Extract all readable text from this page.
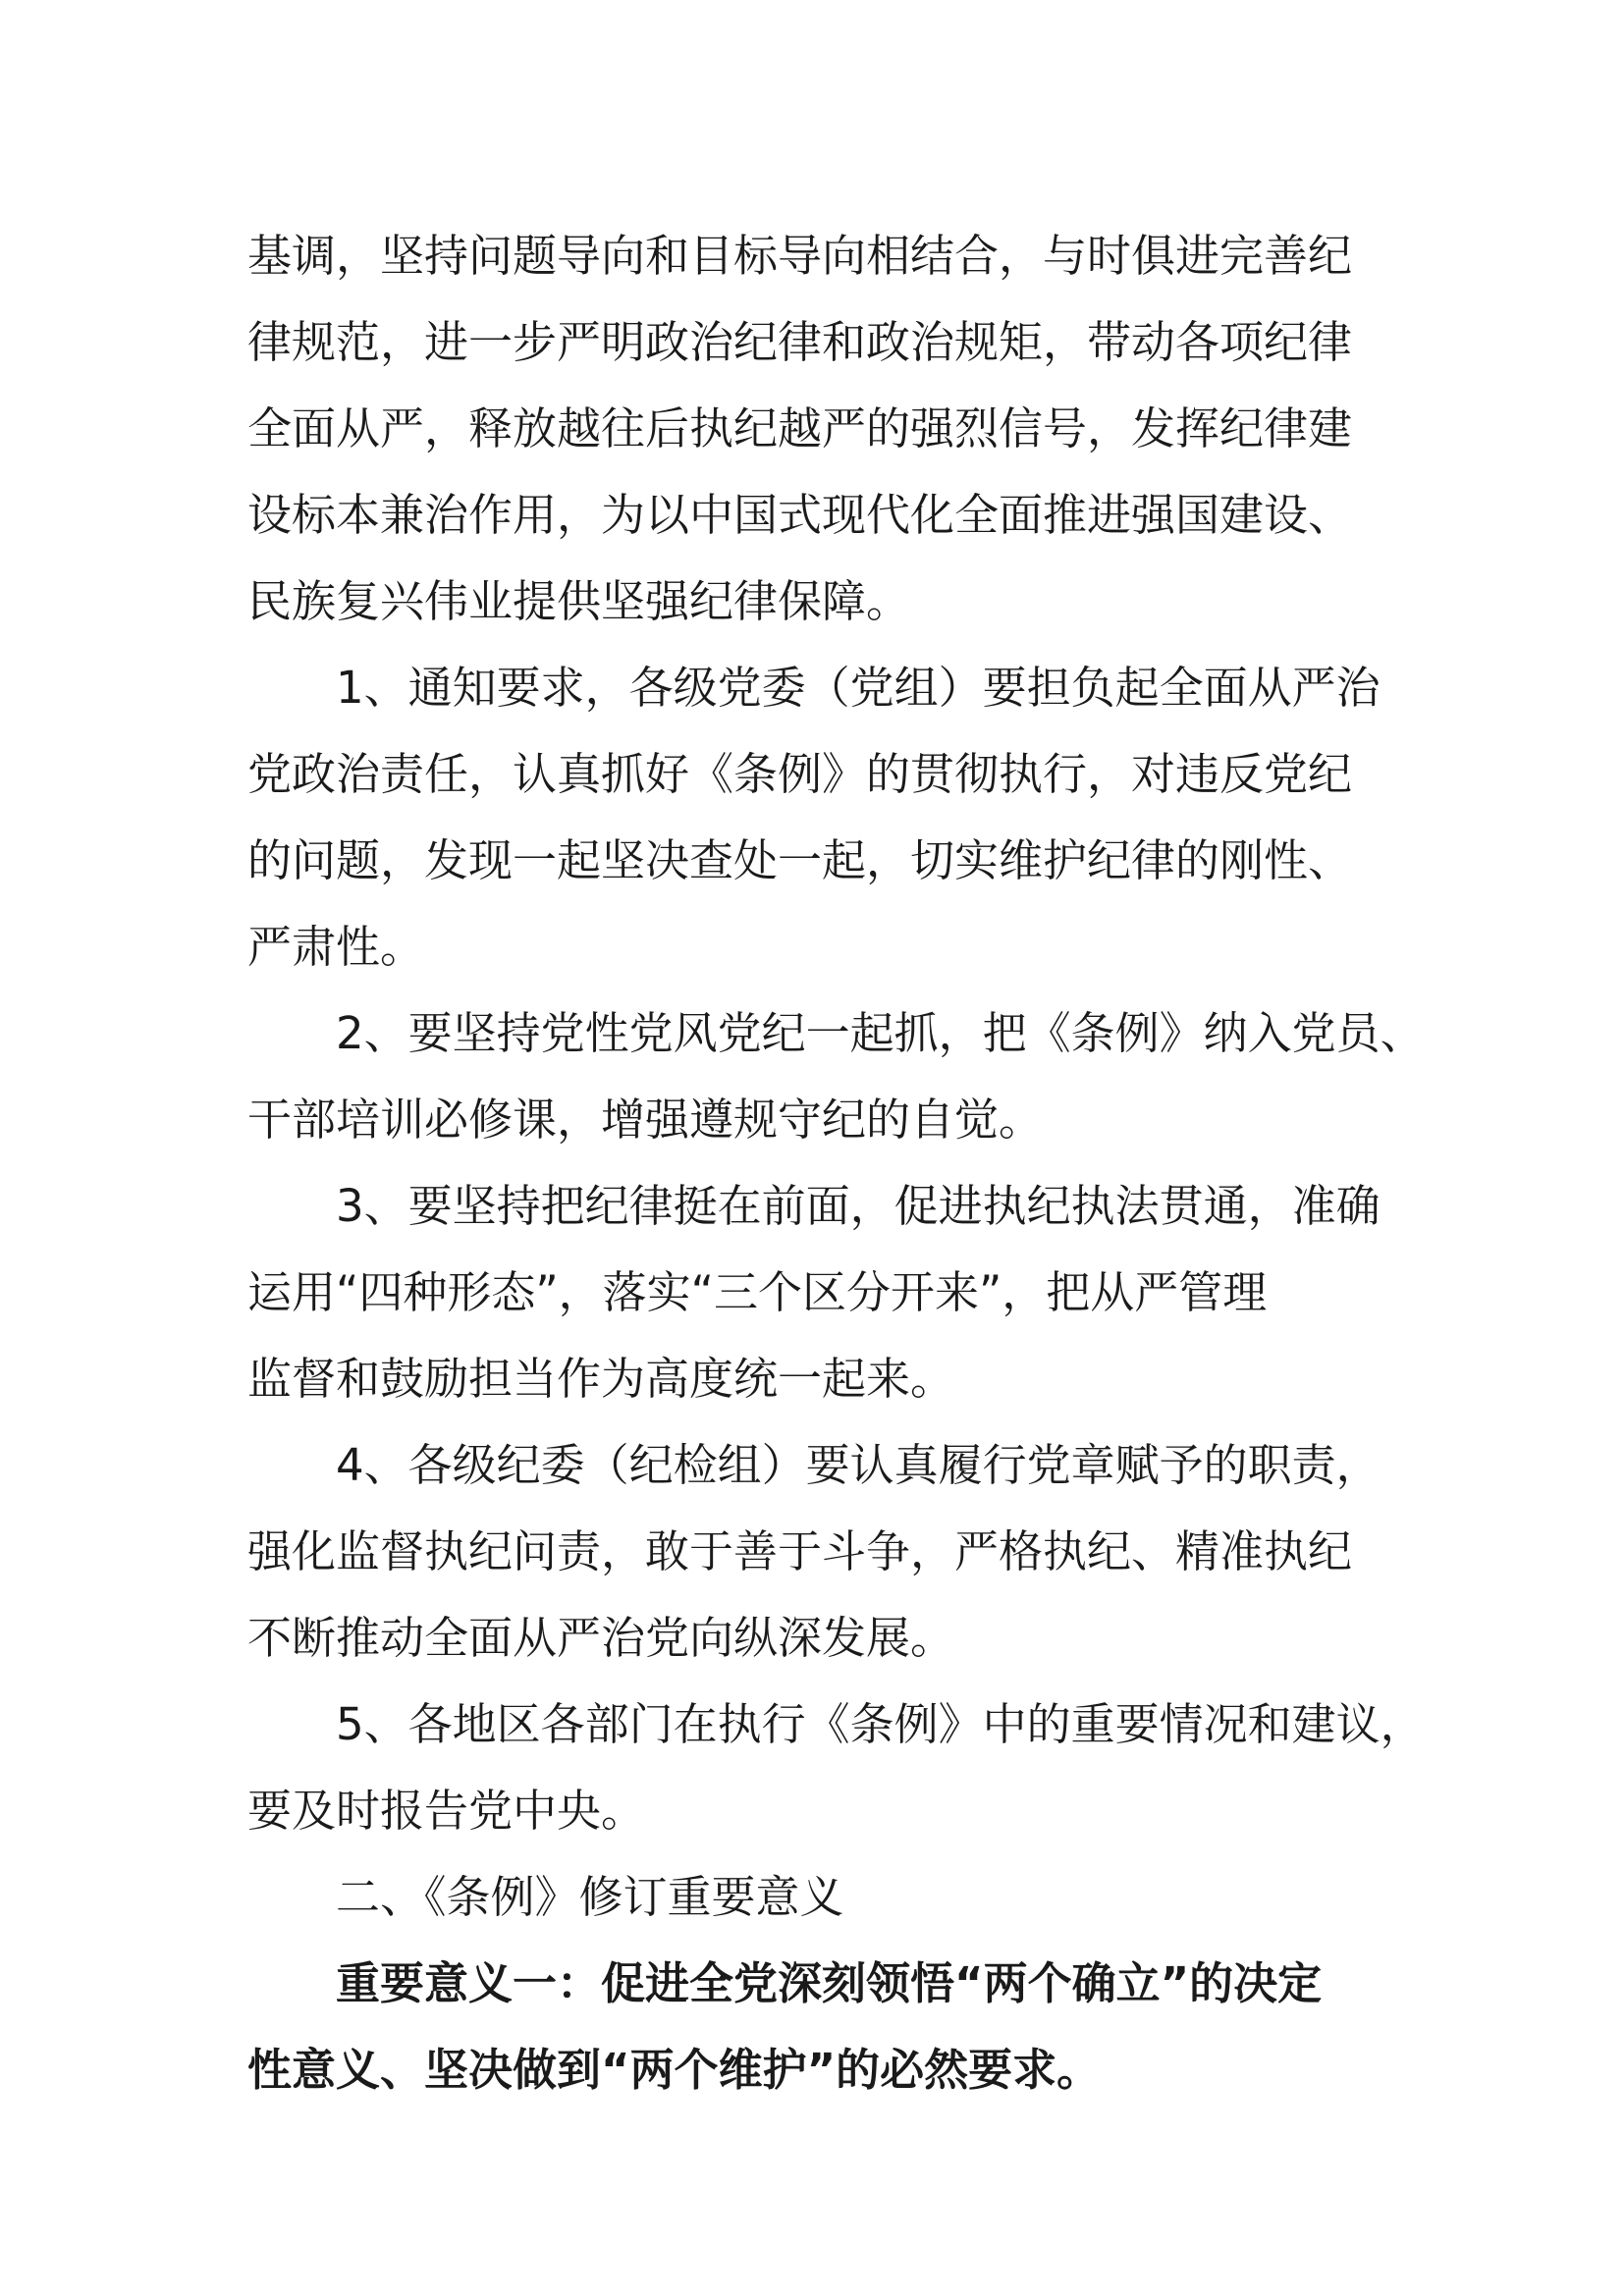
基调，坚持问题导向和目标导向相结合，与时俱进完善纪
律规范，进一步严明政治纪律和政治规矩，带动各项纪律
全面从严，释放越往后执纪越严的强烈信号，发挥纪律建
设标本兼治作用，为以中国式现代化全面推进强国建设、
民族复兴伟业提供坚强纪律保障。
1、通知要求，各级党委（党组）要担负起全面从严治
党政治责任，认真抓好《条例》的贯彻执行，对违反党纪
的问题，发现一起坚决查处一起，切实维护纪律的刚性、
严肃性。
2、要坚持党性党风党纪一起抓，把《条例》纳入党员、
干部培训必修课，增强遵规守纪的自觉。
3、要坚持把纪律挺在前面，促进执纪执法贯通，准确
运用“四种形态”，落实“三个区分开来”，把从严管理
监督和鼓励担当作为高度统一起来。
4、各级纪委（纪检组）要认真履行党章赋予的职责，
强化监督执纪问责，敢于善于斗争，严格执纪、精准执纪
不断推动全面从严治党向纵深发展。
5、各地区各部门在执行《条例》中的重要情况和建议，
要及时报告党中央。
二、《条例》修订重要意义
重要意义一：促进全党深刻领悟“两个确立”的决定
性意义、坚决做到“两个维护”的必然要求。
